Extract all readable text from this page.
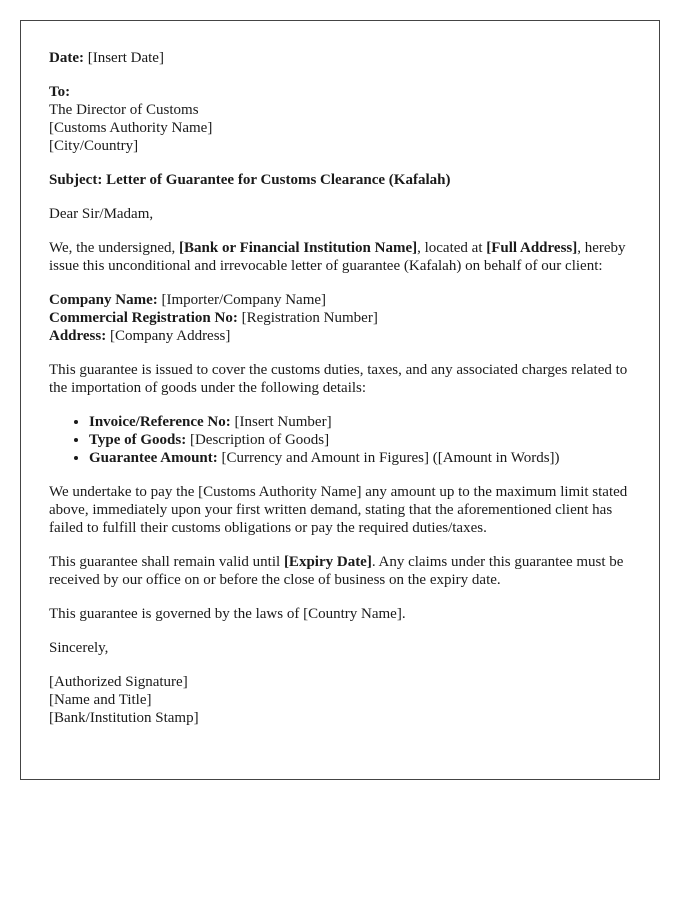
Date: [Insert Date]
To:
The Director of Customs
[Customs Authority Name]
[City/Country]
Subject: Letter of Guarantee for Customs Clearance (Kafalah)
Dear Sir/Madam,
We, the undersigned, [Bank or Financial Institution Name], located at [Full Address], hereby issue this unconditional and irrevocable letter of guarantee (Kafalah) on behalf of our client:
Company Name: [Importer/Company Name]
Commercial Registration No: [Registration Number]
Address: [Company Address]
This guarantee is issued to cover the customs duties, taxes, and any associated charges related to the importation of goods under the following details:
• Invoice/Reference No: [Insert Number]
• Type of Goods: [Description of Goods]
• Guarantee Amount: [Currency and Amount in Figures] ([Amount in Words])
We undertake to pay the [Customs Authority Name] any amount up to the maximum limit stated above, immediately upon your first written demand, stating that the aforementioned client has failed to fulfill their customs obligations or pay the required duties/taxes.
This guarantee shall remain valid until [Expiry Date]. Any claims under this guarantee must be received by our office on or before the close of business on the expiry date.
This guarantee is governed by the laws of [Country Name].
Sincerely,
[Authorized Signature]
[Name and Title]
[Bank/Institution Stamp]
